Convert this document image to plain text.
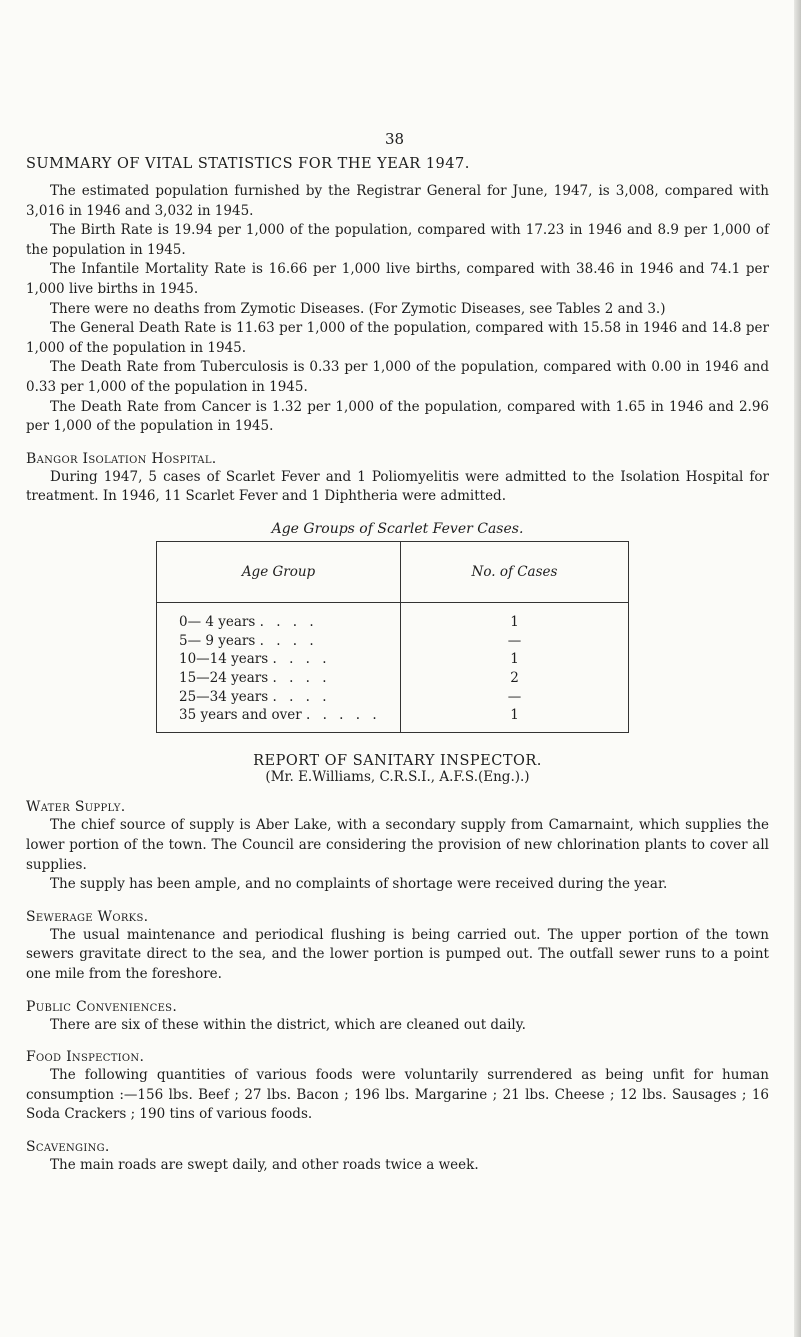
38
SUMMARY OF VITAL STATISTICS FOR THE YEAR 1947.

The estimated population furnished by the Registrar General for June, 1947, is 3,008, compared with 3,016 in 1946 and 3,032 in 1945.

The Birth Rate is 19.94 per 1,000 of the population, compared with 17.23 in 1946 and 8.9 per 1,000 of the population in 1945.

The Infantile Mortality Rate is 16.66 per 1,000 live births, compared with 38.46 in 1946 and 74.1 per 1,000 live births in 1945.

There were no deaths from Zymotic Diseases. (For Zymotic Diseases, see Tables 2 and 3.)

The General Death Rate is 11.63 per 1,000 of the population, compared with 15.58 in 1946 and 14.8 per 1,000 of the population in 1945.

The Death Rate from Tuberculosis is 0.33 per 1,000 of the population, compared with 0.00 in 1946 and 0.33 per 1,000 of the population in 1945.

The Death Rate from Cancer is 1.32 per 1,000 of the population, compared with 1.65 in 1946 and 2.96 per 1,000 of the population in 1945.

Bangor Isolation Hospital.

During 1947, 5 cases of Scarlet Fever and 1 Poliomyelitis were admitted to the Isolation Hospital for treatment. In 1946, 11 Scarlet Fever and 1 Diphtheria were admitted.

Age Groups of Scarlet Fever Cases.
Age Group	No. of Cases
0— 4 years . . . .	1
5— 9 years . . . .	—
10—14 years . . . .	1
15—24 years . . . .	2
25—34 years . . . .	—
35 years and over . . . . .	1
REPORT OF SANITARY INSPECTOR.
(Mr. E.Williams, C.R.S.I., A.F.S.(Eng.).)
Water Supply.

The chief source of supply is Aber Lake, with a secondary supply from Camarnaint, which supplies the lower portion of the town. The Council are considering the provision of new chlorination plants to cover all supplies.

The supply has been ample, and no complaints of shortage were received during the year.

Sewerage Works.

The usual maintenance and periodical flushing is being carried out. The upper portion of the town sewers gravitate direct to the sea, and the lower portion is pumped out. The outfall sewer runs to a point one mile from the foreshore.

Public Conveniences.

There are six of these within the district, which are cleaned out daily.

Food Inspection.

The following quantities of various foods were voluntarily surrendered as being unfit for human consumption :—156 lbs. Beef ; 27 lbs. Bacon ; 196 lbs. Margarine ; 21 lbs. Cheese ; 12 lbs. Sausages ; 16 Soda Crackers ; 190 tins of various foods.

Scavenging.

The main roads are swept daily, and other roads twice a week.
